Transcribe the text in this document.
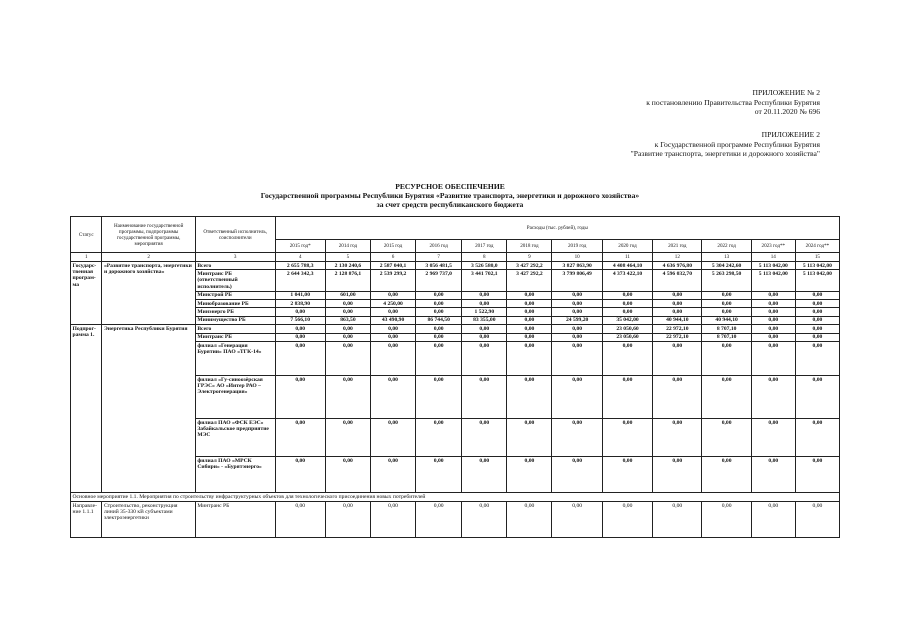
ПРИЛОЖЕНИЕ № 2
к постановлению Правительства Республики Бурятия
от 20.11.2020 № 696
ПРИЛОЖЕНИЕ 2
к Государственной программе Республики Бурятия
"Развитие транспорта, энергетики и дорожного хозяйства"
РЕСУРСНОЕ ОБЕСПЕЧЕНИЕ
Государственной программы Республики Бурятия «Развитие транспорта, энергетики и дорожного хозяйства»
за счет средств республиканского бюджета
Статус	Наименование государственной программы, подпрограммы государственной программы, мероприятия	Ответственный исполнитель, соисполнители	Расходы (тыс. рублей), годы											
			2015 год*	2014 год	2015 год	2016 год	2017 год	2018 год	2019 год	2020 год	2021 год	2022 год	2023 год**	2024 год**
1	2	3	4	5	6	7	8	9	10	11	12	13	14	15
Государс-твенная програм-ма	«Развитие транспорта, энергетики и дорожного хозяйства»	Всего	2 655 788,3	2 130 240,6	2 587 040,1	3 056 481,5	3 526 580,0	3 427 292,2	3 827 863,90	4 408 464,10	4 636 976,80	5 304 242,60	5 113 042,00	5 113 042,00
		Минтранс РБ (ответственный исполнитель)	2 644 342,3	2 128 876,1	2 539 299,2	2 969 737,0	3 441 702,1	3 427 292,2	3 799 806,49	4 373 422,10	4 596 032,70	5 263 298,50	5 113 042,00	5 113 042,00
		Минстрой РБ	1 041,00	601,00	0,00	0,00	0,00	0,00	0,00	0,00	0,00	0,00	0,00	0,00
		Минобразование РБ	2 838,90	0,00	4 250,00	0,00	0,00	0,00	0,00	0,00	0,00	0,00	0,00	0,00
		Минэнерго РБ	0,00	0,00	0,00	0,00	1 522,90	0,00	0,00	0,00	0,00	0,00	0,00	0,00
		Минимущество РБ	7 566,10	863,50	43 490,90	86 744,50	83 355,00	0,00	24 599,20	35 042,00	40 944,10	40 944,10	0,00	0,00
Подпрог-рамма 1.	Энергетика Республики Бурятия	Всего	0,00	0,00	0,00	0,00	0,00	0,00	0,00	23 050,60	22 972,10	8 707,10	0,00	0,00
		Минтранс РБ	0,00	0,00	0,00	0,00	0,00	0,00	0,00	23 050,60	22 972,10	8 707,10	0,00	0,00
		филиал «Генерация Бурятии» ПАО «ТГК-14»	0,00	0,00	0,00	0,00	0,00	0,00	0,00	0,00	0,00	0,00	0,00	0,00
		филиал «Гу-синоозёрская ГРЭС» АО «Интер РАО – Электрогенерация»	0,00	0,00	0,00	0,00	0,00	0,00	0,00	0,00	0,00	0,00	0,00	0,00
		филиал ПАО «ФСК ЕЭС» Забайкальское предприятие МЭС	0,00	0,00	0,00	0,00	0,00	0,00	0,00	0,00	0,00	0,00	0,00	0,00
		филиал ПАО «МРСК Сибири» - «Бурятэнерго»	0,00	0,00	0,00	0,00	0,00	0,00	0,00	0,00	0,00	0,00	0,00	0,00
Основное мероприятие 1.1. Мероприятия по строительству инфраструктурных объектов для технологического присоединения новых потребителей														
Направле-ние 1.1.1	Строительство, реконструкция линий 35-330 кВ субъектами электроэнергетики	Минтранс РБ	0,00	0,00	0,00	0,00	0,00	0,00	0,00	0,00	0,00	0,00	0,00	0,00
